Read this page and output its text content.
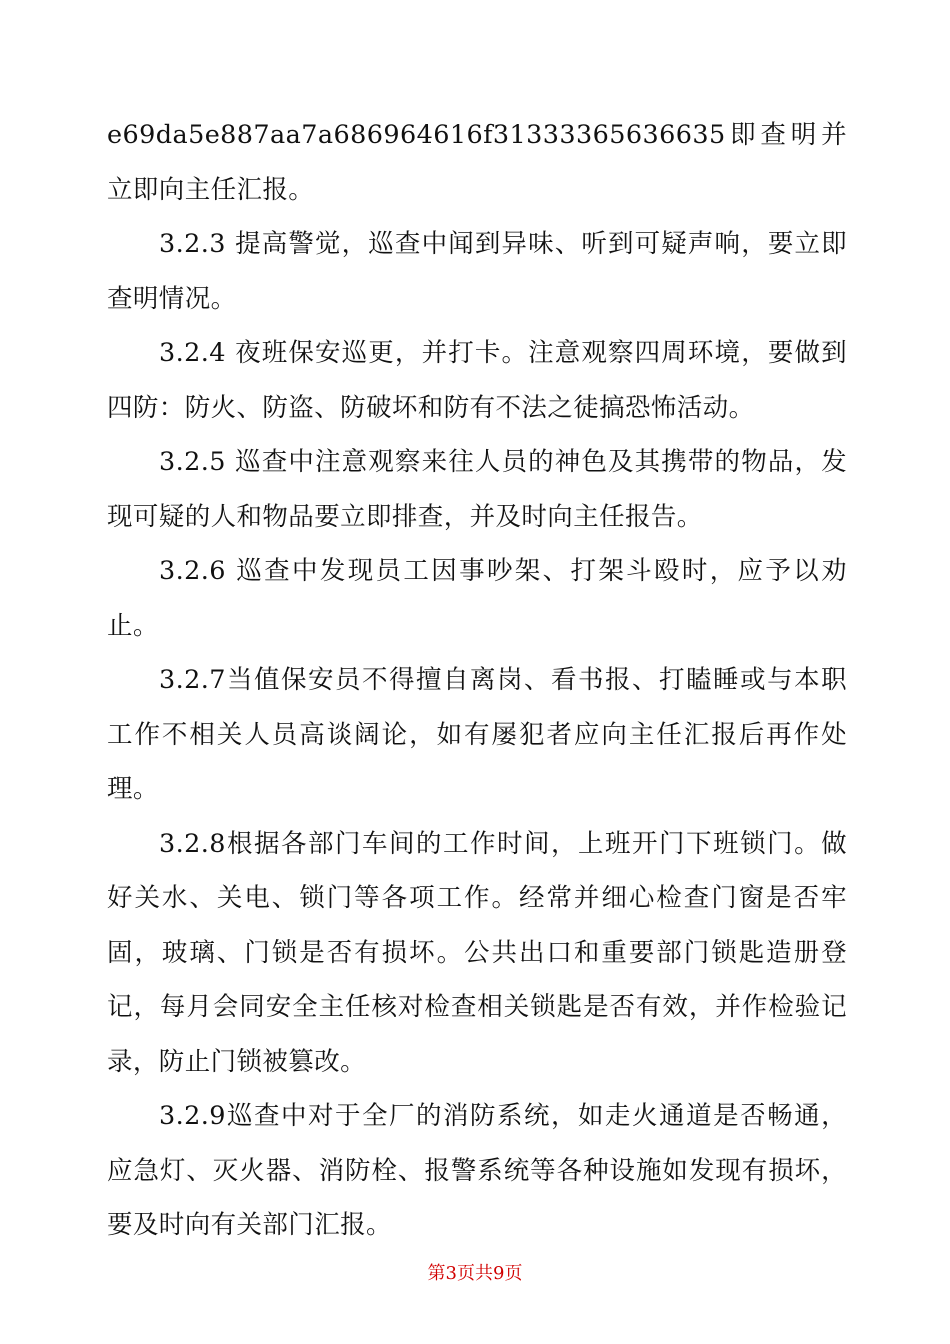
e69da5e887aa7a686964616f31333365636635即查明并立即向主任汇报。

3.2.3 提高警觉，巡查中闻到异味、听到可疑声响，要立即查明情况。

3.2.4 夜班保安巡更，并打卡。注意观察四周环境，要做到四防：防火、防盗、防破坏和防有不法之徒搞恐怖活动。

3.2.5 巡查中注意观察来往人员的神色及其携带的物品，发现可疑的人和物品要立即排查，并及时向主任报告。

3.2.6 巡查中发现员工因事吵架、打架斗殴时，应予以劝止。

3.2.7当值保安员不得擅自离岗、看书报、打瞌睡或与本职工作不相关人员高谈阔论，如有屡犯者应向主任汇报后再作处理。

3.2.8根据各部门车间的工作时间，上班开门下班锁门。做好关水、关电、锁门等各项工作。经常并细心检查门窗是否牢固，玻璃、门锁是否有损坏。公共出口和重要部门锁匙造册登记，每月会同安全主任核对检查相关锁匙是否有效，并作检验记录，防止门锁被篡改。

3.2.9巡查中对于全厂的消防系统，如走火通道是否畅通，应急灯、灭火器、消防栓、报警系统等各种设施如发现有损坏，要及时向有关部门汇报。

第3页共9页
